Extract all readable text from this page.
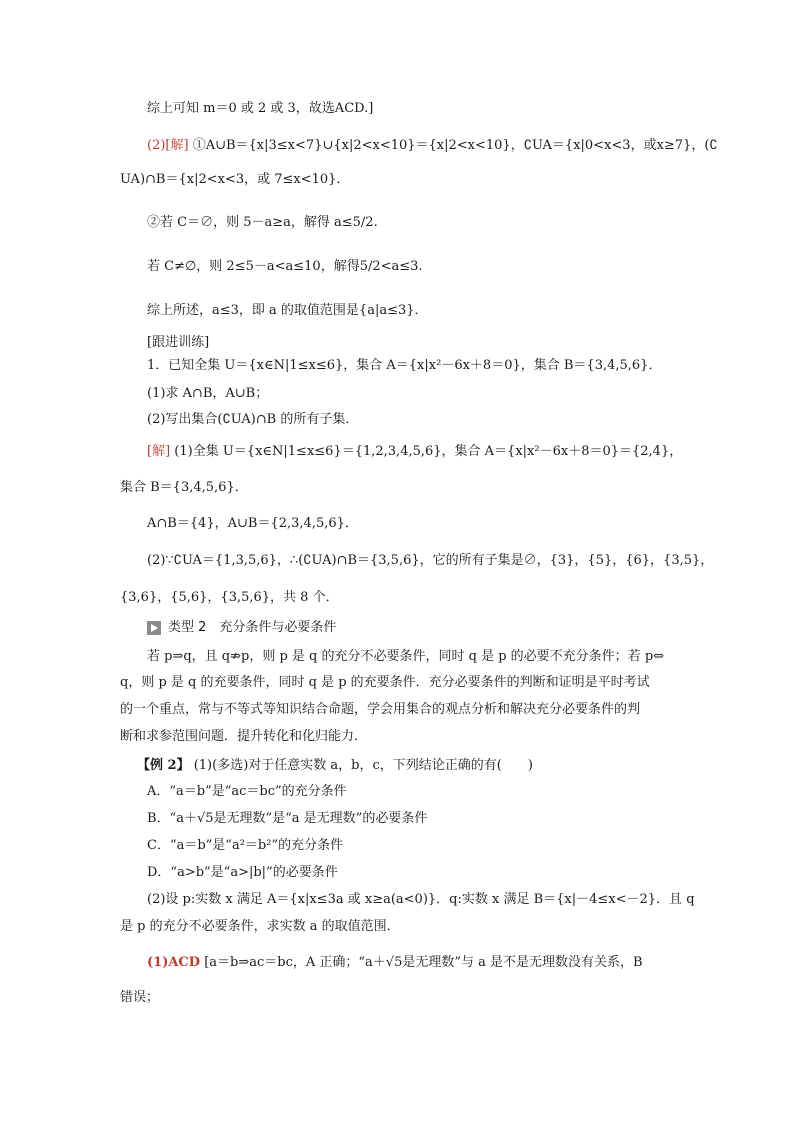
综上可知 m＝0 或 2 或 3，故选ACD.]
(2)[解] ①A∪B＝{x|3≤x<7}∪{x|2<x<10}＝{x|2<x<10}，∁UA＝{x|0<x<3，或x≥7}，(∁
UA)∩B＝{x|2<x<3，或 7≤x<10}．
②若 C＝∅，则 5－a≥a，解得 a≤5/2.
若 C≠∅，则 2≤5－a<a≤10，解得5/2<a≤3.
综上所述，a≤3，即 a 的取值范围是{a|a≤3}．
[跟进训练]
1．已知全集 U＝{x∈N|1≤x≤6}，集合 A＝{x|x²－6x＋8＝0}，集合 B＝{3,4,5,6}．
(1)求 A∩B，A∪B；
(2)写出集合(∁UA)∩B 的所有子集．
[解] (1)全集 U＝{x∈N|1≤x≤6}＝{1,2,3,4,5,6}，集合 A＝{x|x²－6x＋8＝0}＝{2,4}，
集合 B＝{3,4,5,6}．
A∩B＝{4}，A∪B＝{2,3,4,5,6}．
(2)∵∁UA＝{1,3,5,6}，∴(∁UA)∩B＝{3,5,6}，它的所有子集是∅，{3}，{5}，{6}，{3,5}，
{3,6}，{5,6}，{3,5,6}，共 8 个．
类型 2　充分条件与必要条件
若 p⇒q，且 q⇏p，则 p 是 q 的充分不必要条件，同时 q 是 p 的必要不充分条件；若 p⇔
q，则 p 是 q 的充要条件，同时 q 是 p 的充要条件．充分必要条件的判断和证明是平时考试
的一个重点，常与不等式等知识结合命题，学会用集合的观点分析和解决充分必要条件的判
断和求参范围问题．提升转化和化归能力．
【例 2】 (1)(多选)对于任意实数 a，b，c，下列结论正确的有(　　)
A．“a＝b”是“ac＝bc”的充分条件
B．“a＋√5是无理数”是“a 是无理数”的必要条件
C．“a＝b”是“a²＝b²”的充分条件
D．“a>b”是“a>|b|”的必要条件
(2)设 p:实数 x 满足 A＝{x|x≤3a 或 x≥a(a<0)}．q:实数 x 满足 B＝{x|－4≤x<－2}．且 q
是 p 的充分不必要条件，求实数 a 的取值范围．
(1)ACD [a＝b⇒ac＝bc，A 正确；“a＋√5是无理数”与 a 是不是无理数没有关系，B
错误；
